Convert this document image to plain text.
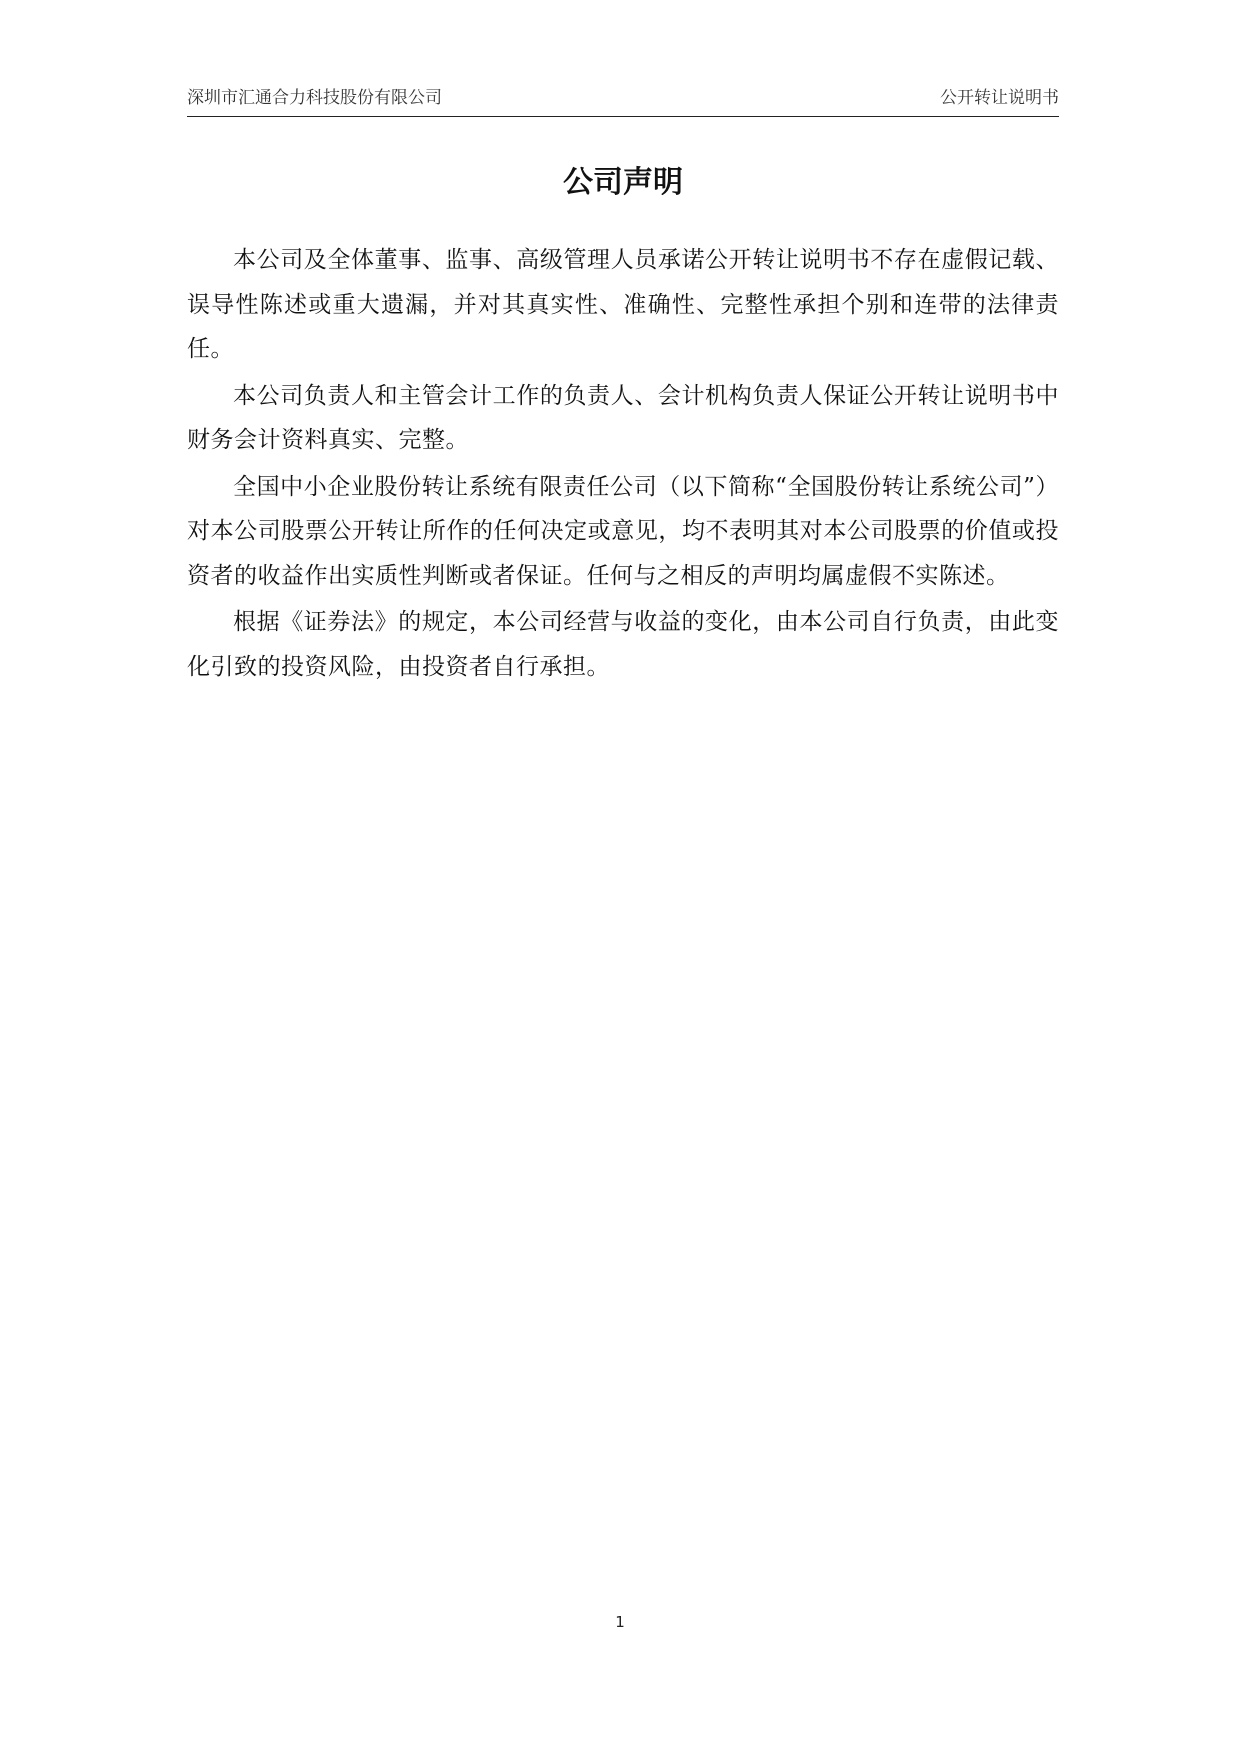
深圳市汇通合力科技股份有限公司	公开转让说明书
公司声明

本公司及全体董事、监事、高级管理人员承诺公开转让说明书不存在虚假记载、误导性陈述或重大遗漏，并对其真实性、准确性、完整性承担个别和连带的法律责任。

本公司负责人和主管会计工作的负责人、会计机构负责人保证公开转让说明书中财务会计资料真实、完整。

全国中小企业股份转让系统有限责任公司（以下简称“全国股份转让系统公司”）对本公司股票公开转让所作的任何决定或意见，均不表明其对本公司股票的价值或投资者的收益作出实质性判断或者保证。任何与之相反的声明均属虚假不实陈述。

根据《证券法》的规定，本公司经营与收益的变化，由本公司自行负责，由此变化引致的投资风险，由投资者自行承担。

1
